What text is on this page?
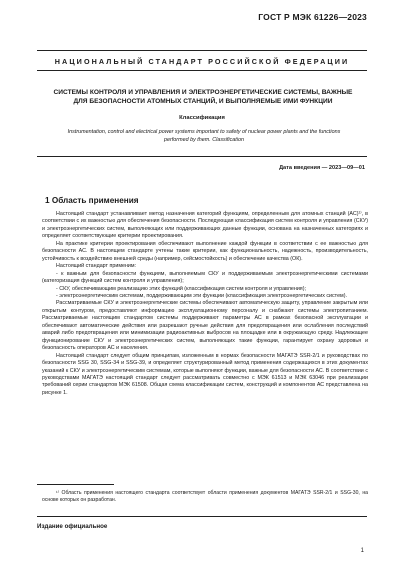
ГОСТ Р МЭК 61226—2023
НАЦИОНАЛЬНЫЙ СТАНДАРТ РОССИЙСКОЙ ФЕДЕРАЦИИ
СИСТЕМЫ КОНТРОЛЯ И УПРАВЛЕНИЯ И ЭЛЕКТРОЭНЕРГЕТИЧЕСКИЕ СИСТЕМЫ, ВАЖНЫЕ
ДЛЯ БЕЗОПАСНОСТИ АТОМНЫХ СТАНЦИЙ, И ВЫПОЛНЯЕМЫЕ ИМИ ФУНКЦИИ
Классификация
Instrumentation, control and electrical power systems important to safety of nuclear power plants and the functions
performed by them. Classification
Дата введения — 2023—09—01
1 Область применения

Настоящий стандарт устанавливает метод назначения категорий функциям, определенным для атомных станций (АС)¹⁾, в соответствии с их важностью для обеспечения безопасности. Последующая классификация систем контроля и управления (СКУ) и электроэнергетических систем, выполняющих или поддерживающих данные функции, основана на назначенных категориях и определяет соответствующие критерии проектирования.

На практике критерии проектирования обеспечивают выполнение каждой функции в соответствии с ее важностью для безопасности АС. В настоящем стандарте учтены такие критерии, как функциональность, надежность, производительность, устойчивость к воздействию внешней среды (например, сейсмостойкость) и обеспечение качества (ОК).

Настоящий стандарт применим:

- к важным для безопасности функциям, выполняемым СКУ и поддерживаемым электроэнергетическими системами (категоризация функций систем контроля и управления);

- СКУ, обеспечивающим реализацию этих функций (классификация систем контроля и управления);

- электроэнергетическим системам, поддерживающим эти функции (классификация электроэнергетических систем).

Рассматриваемые СКУ и электроэнергетические системы обеспечивают автоматическую защиту, управление закрытым или открытым контуром, предоставляют информацию эксплуатационному персоналу и снабжают системы электропитанием. Рассматриваемые настоящим стандартом системы поддерживают параметры АС в рамках безопасной эксплуатации и обеспечивают автоматические действия или разрешают ручные действия для предотвращения или ослабления последствий аварий либо предотвращения или минимизации радиоактивных выбросов на площадке или в окружающую среду. Надлежащее функционирование СКУ и электроэнергетических систем, выполняющих такие функции, гарантирует охрану здоровья и безопасность операторов АС и населения.

Настоящий стандарт следует общим принципам, изложенным в нормах безопасности МАГАТЭ SSR-2/1 и руководствах по безопасности SSG 30, SSG-34 и SSG-39, и определяет структурированный метод применения содержащихся в этих документах указаний к СКУ и электроэнергетическим системам, которые выполняют функции, важные для безопасности АС. В соответствии с руководствами МАГАТЭ настоящий стандарт следует рассматривать совместно с МЭК 61513 и МЭК 63046 при реализации требований серии стандартов МЭК 61508. Общая схема классификации систем, конструкций и компонентов АС представлена на рисунке 1.

¹⁾ Область применения настоящего стандарта соответствует области применения документов МАГАТЭ SSR-2/1 и SSG-30, на основе которых он разработан.
Издание официальное
1
